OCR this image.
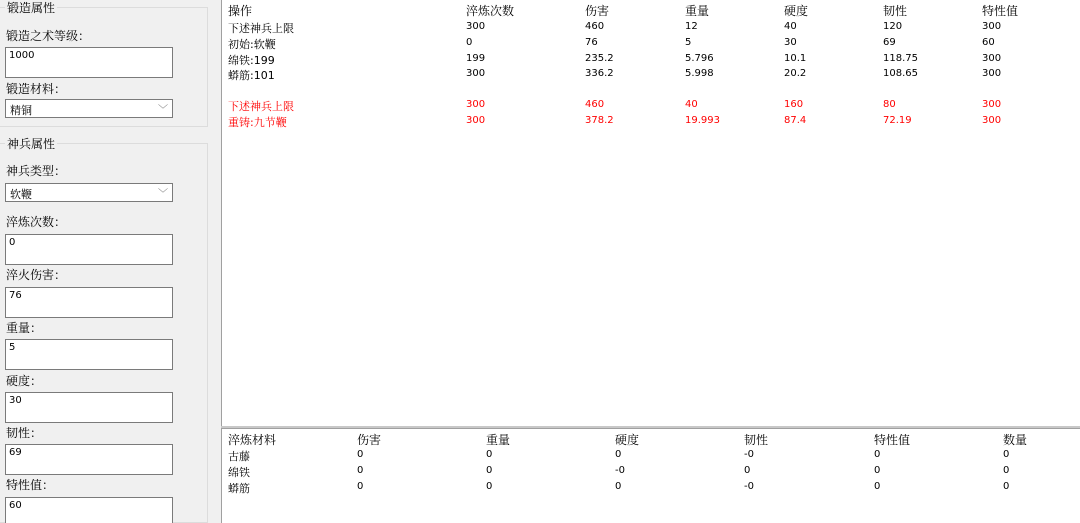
锻造属性
锻造之术等级：
1000
锻造材料：
精铜	﹀
神兵属性
神兵类型：
软鞭	﹀
淬炼次数：
0
淬火伤害：
76
重量：
5
硬度：
30
韧性：
69
特性值：
60
操作	淬炼次数	伤害	重量	硬度	韧性	特性值
下述神兵上限	300	460	12	40	120	300
初始:软鞭	0	76	5	30	69	60
绵铁:199	199	235.2	5.796	10.1	118.75	300
蟒筋:101	300	336.2	5.998	20.2	108.65	300
下述神兵上限	300	460	40	160	80	300
重铸:九节鞭	300	378.2	19.993	87.4	72.19	300
淬炼材料	伤害	重量	硬度	韧性	特性值	数量
古藤	0	0	0	-0	0	0
绵铁	0	0	-0	0	0	0
蟒筋	0	0	0	-0	0	0
